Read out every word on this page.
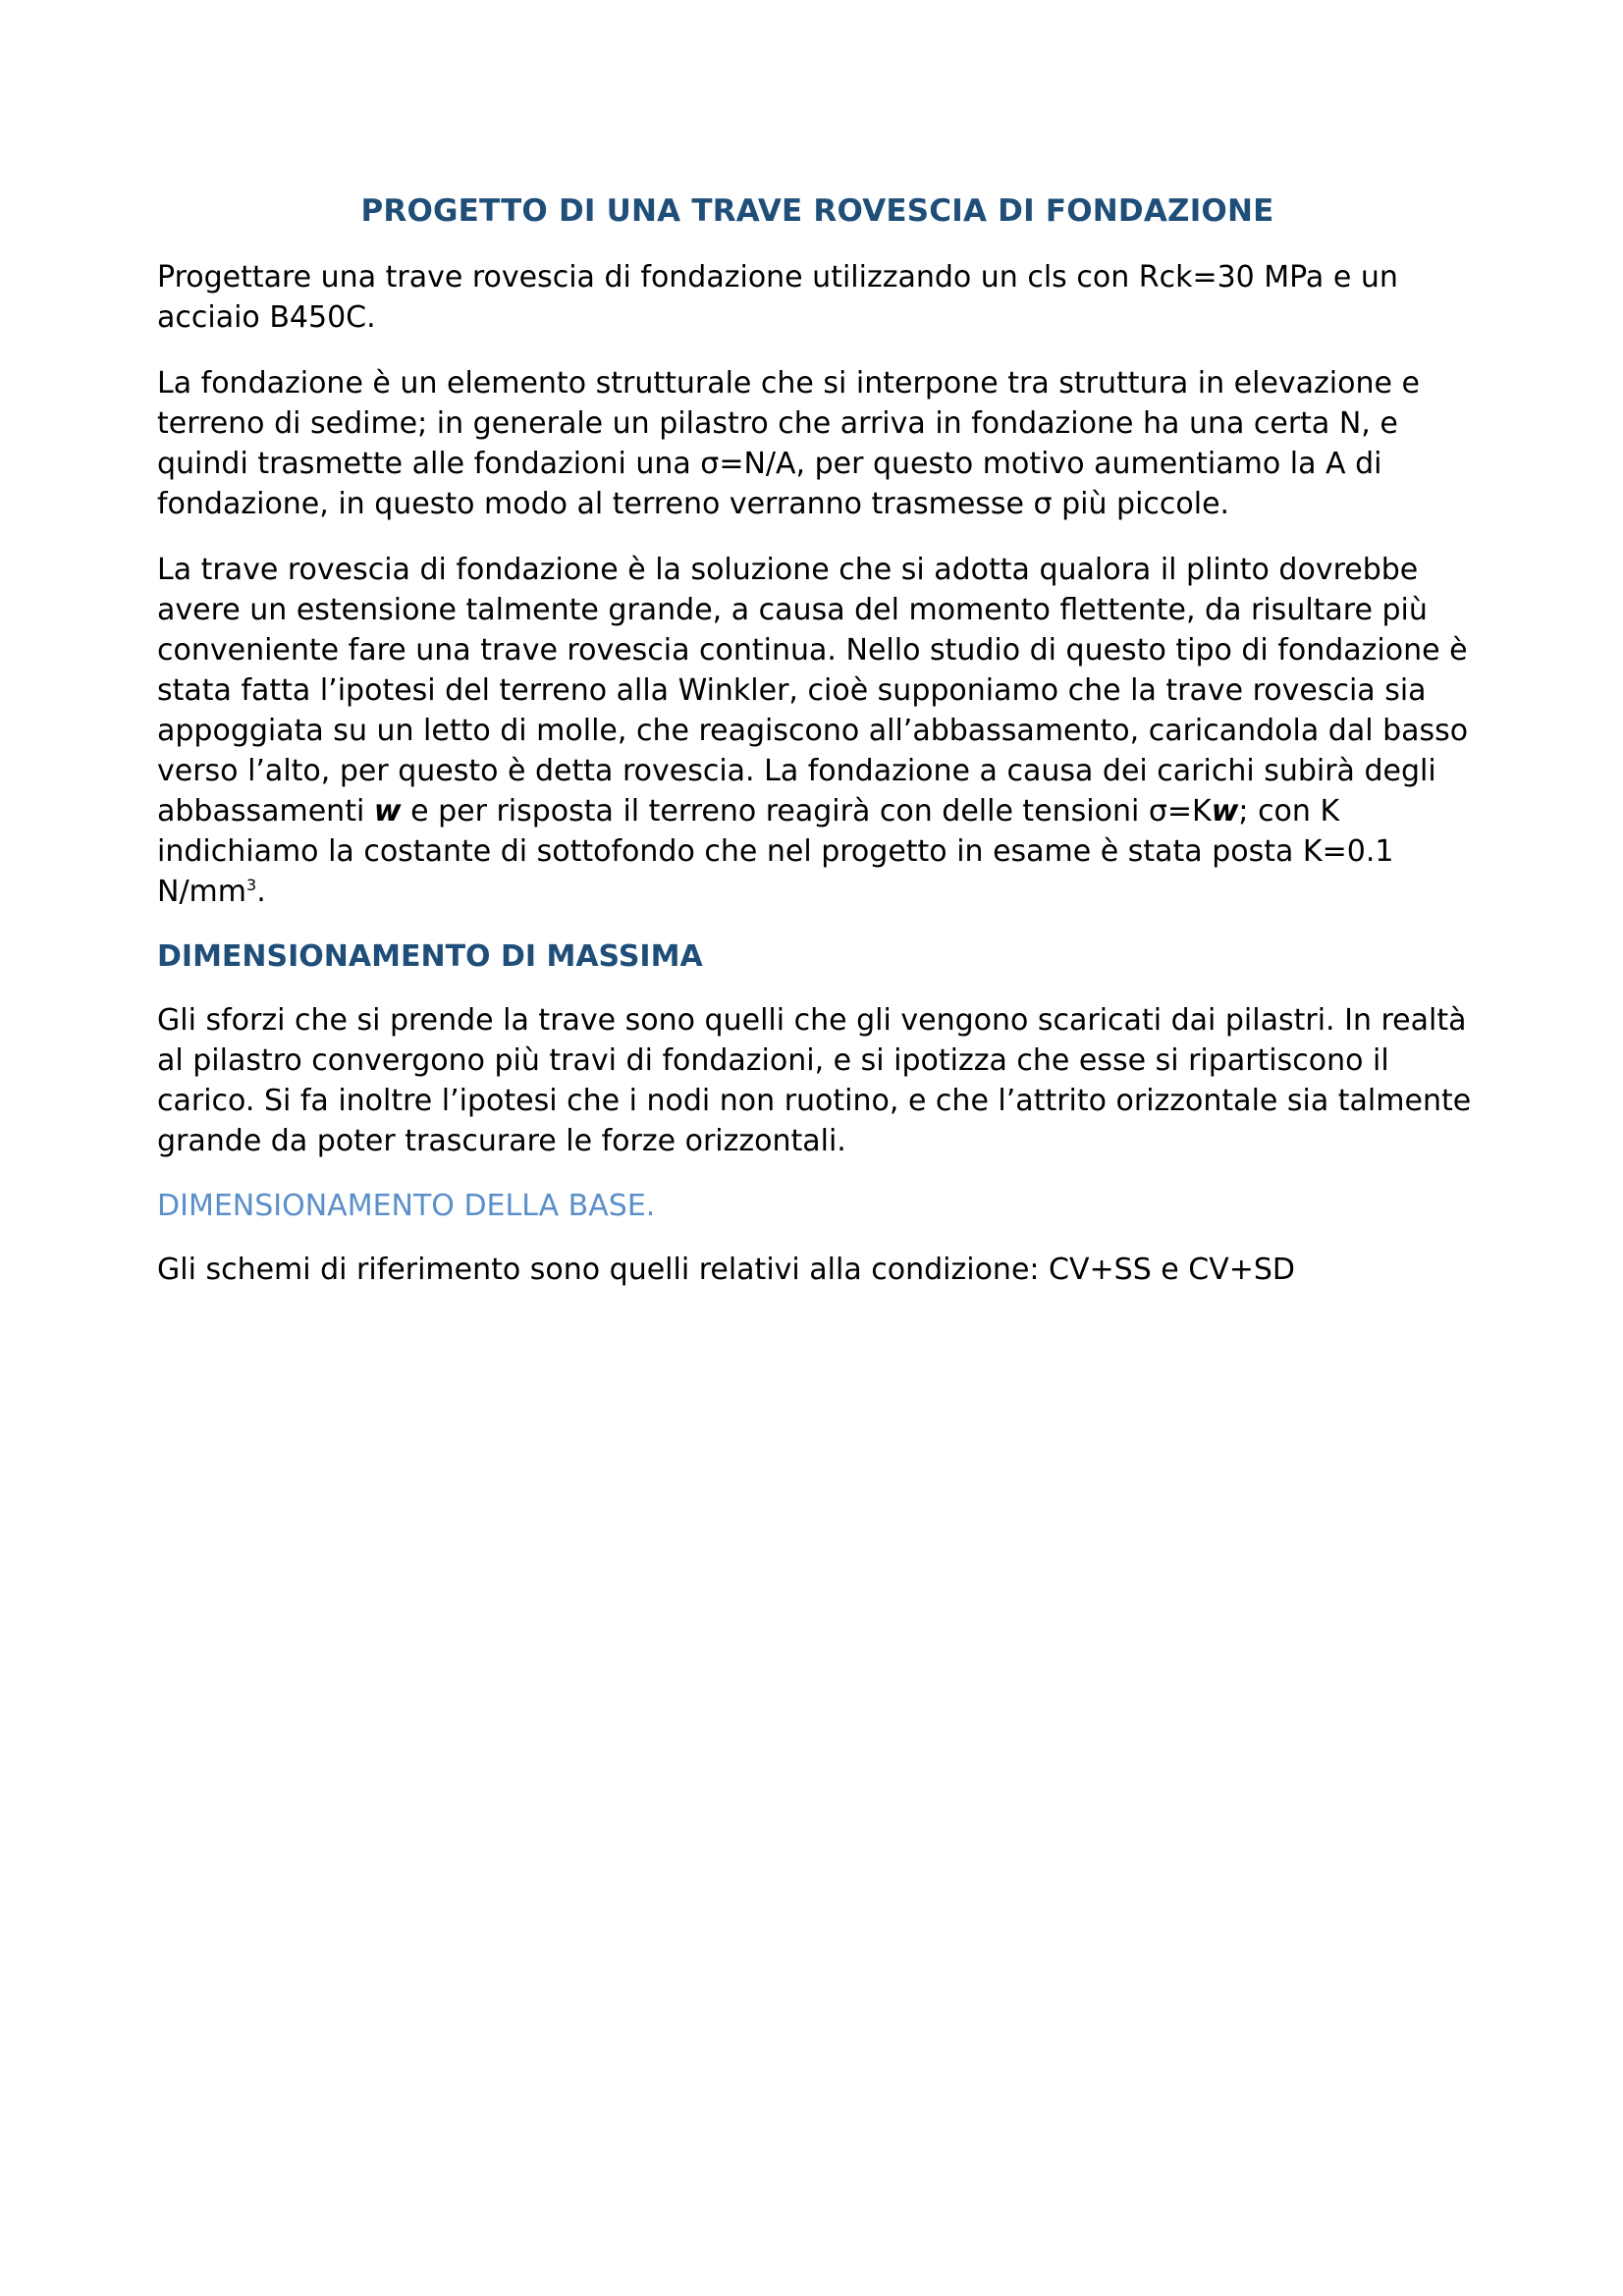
PROGETTO DI UNA TRAVE ROVESCIA DI FONDAZIONE

Progettare una trave rovescia di fondazione utilizzando un cls con Rck=30 MPa e un acciaio B450C.

La fondazione è un elemento strutturale che si interpone tra struttura in elevazione e terreno di sedime; in generale un pilastro che arriva in fondazione ha una certa N, e quindi trasmette alle fondazioni una σ=N/A, per questo motivo aumentiamo la A di fondazione, in questo modo al terreno verranno trasmesse σ più piccole.

La trave rovescia di fondazione è la soluzione che si adotta qualora il plinto dovrebbe avere un estensione talmente grande, a causa del momento flettente, da risultare più conveniente fare una trave rovescia continua. Nello studio di questo tipo di fondazione è stata fatta l’ipotesi del terreno alla Winkler, cioè supponiamo che la trave rovescia sia appoggiata su un letto di molle, che reagiscono all’abbassamento, caricandola dal basso verso l’alto, per questo è detta rovescia. La fondazione a causa dei carichi subirà degli abbassamenti w e per risposta il terreno reagirà con delle tensioni σ=Kw; con K indichiamo la costante di sottofondo che nel progetto in esame è stata posta K=0.1 $N/mm^3$.

DIMENSIONAMENTO DI MASSIMA

Gli sforzi che si prende la trave sono quelli che gli vengono scaricati dai pilastri. In realtà al pilastro convergono più travi di fondazioni, e si ipotizza che esse si ripartiscono il carico. Si fa inoltre l’ipotesi che i nodi non ruotino, e che l’attrito orizzontale sia talmente grande da poter trascurare le forze orizzontali.

DIMENSIONAMENTO DELLA BASE.

Gli schemi di riferimento sono quelli relativi alla condizione: CV+SS e CV+SD
